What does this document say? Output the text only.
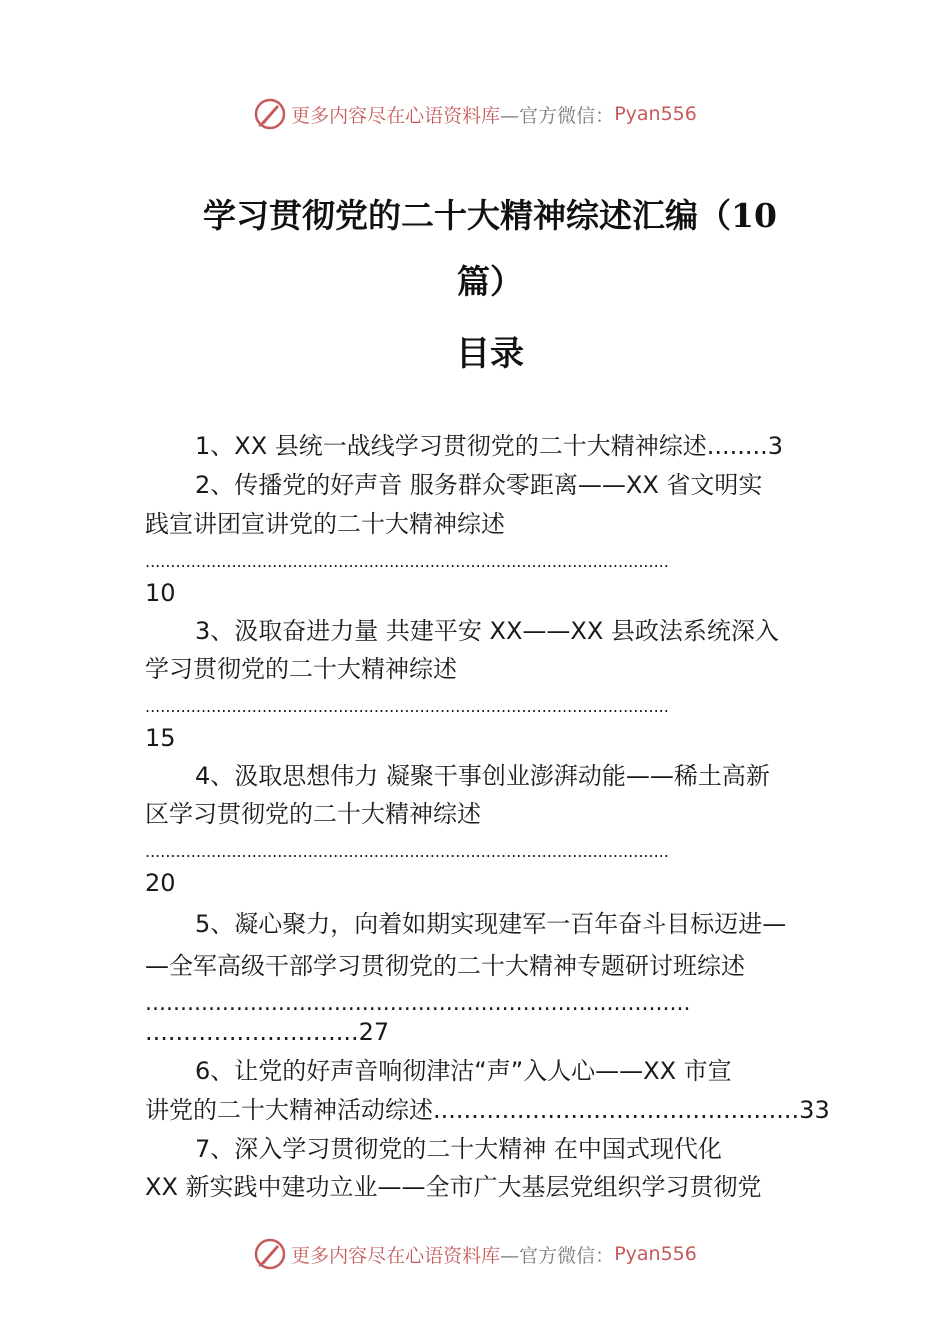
更多内容尽在心语资料库 —官方微信： Pyan556
学习贯彻党的二十大精神综述汇编（10
篇）
目录
1、XX 县统一战线学习贯彻党的二十大精神综述........3
2、传播党的好声音 服务群众零距离——XX 省文明实
践宣讲团宣讲党的二十大精神综述
.......................................................................................................
10
3、汲取奋进力量 共建平安 XX——XX 县政法系统深入
学习贯彻党的二十大精神综述
.......................................................................................................
15
4、汲取思想伟力 凝聚干事创业澎湃动能——稀土高新
区学习贯彻党的二十大精神综述
.......................................................................................................
20
5、凝心聚力，向着如期实现建军一百年奋斗目标迈进—
—全军高级干部学习贯彻党的二十大精神专题研讨班综述
..............................................................................
............................27
6、让党的好声音响彻津沽“声”入人心——XX 市宣
讲党的二十大精神活动综述................................................33
7、深入学习贯彻党的二十大精神 在中国式现代化
XX 新实践中建功立业——全市广大基层党组织学习贯彻党
更多内容尽在心语资料库 —官方微信： Pyan556
